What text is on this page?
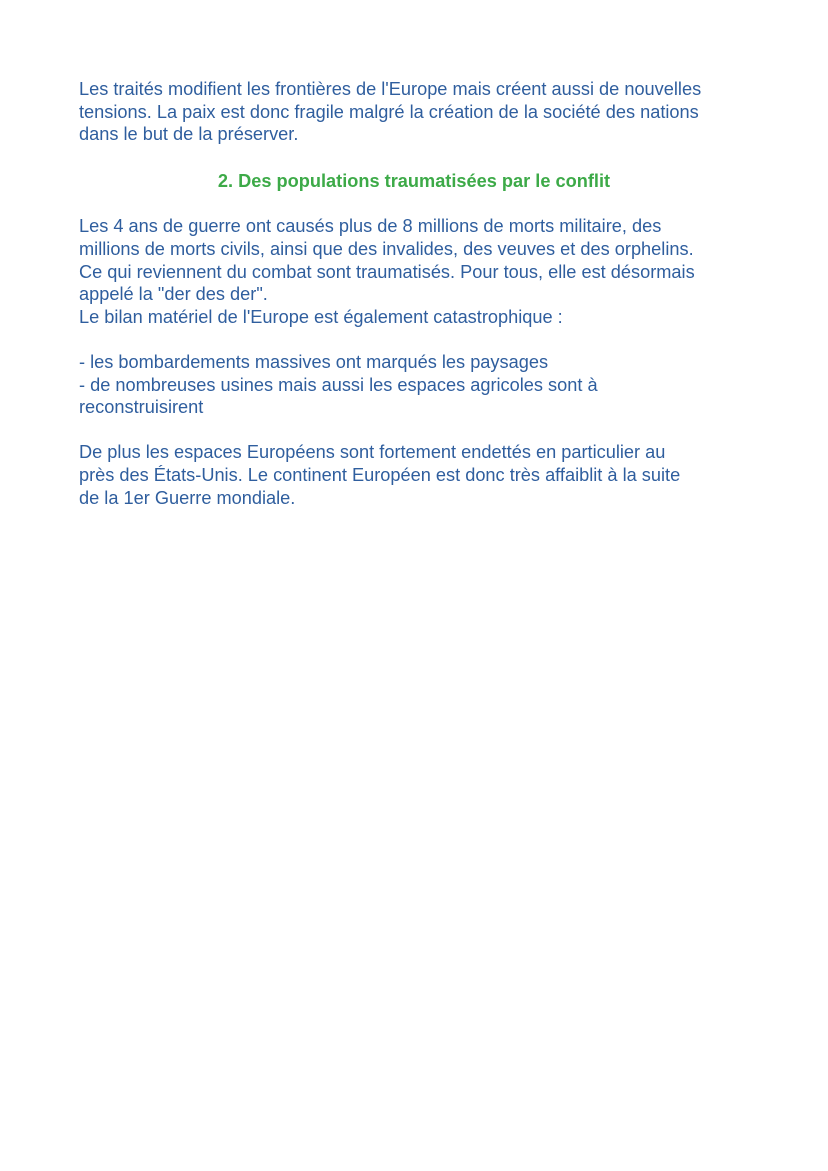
Les traités modifient les frontières de l'Europe mais créent aussi de nouvelles
tensions. La paix est donc fragile malgré la création de la société des nations
dans le but de la préserver.

2. Des populations traumatisées par le conflit

Les 4 ans de guerre ont causés plus de 8 millions de morts militaire, des
millions de morts civils, ainsi que des invalides, des veuves et des orphelins.
Ce qui reviennent du combat sont traumatisés. Pour tous, elle est désormais
appelé la "der des der".
Le bilan matériel de l'Europe est également catastrophique :

- les bombardements massives ont marqués les paysages
- de nombreuses usines mais aussi les espaces agricoles sont à
reconstruisirent

De plus les espaces Européens sont fortement endettés en particulier au
près des États-Unis. Le continent Européen est donc très affaiblit à la suite
de la 1er Guerre mondiale.
